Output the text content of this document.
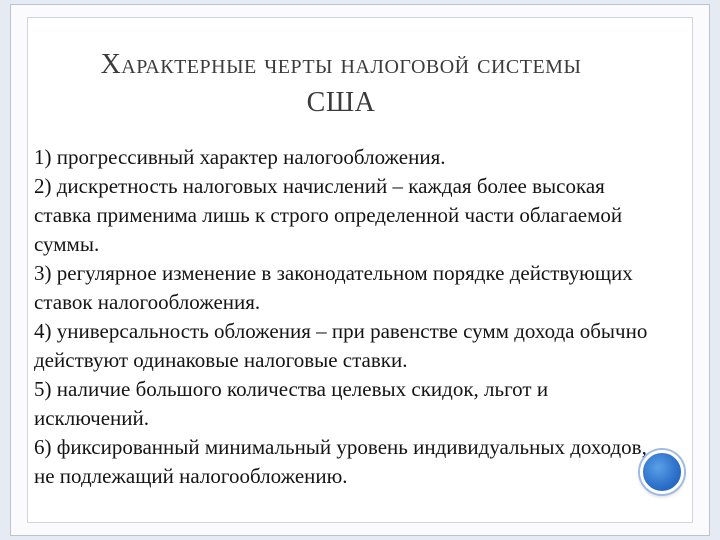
Характерные черты налоговой системы
США

1) прогрессивный характер налогообложения.

2) дискретность налоговых начислений – каждая более высокая ставка применима лишь к строго определенной части облагаемой суммы.

3) регулярное изменение в законодательном порядке действующих ставок налогообложения.

4) универсальность обложения – при равенстве сумм дохода обычно действуют одинаковые налоговые ставки.

5) наличие большого количества целевых скидок, льгот и исключений.

6) фиксированный минимальный уровень индивидуальных доходов, не подлежащий налогообложению.
